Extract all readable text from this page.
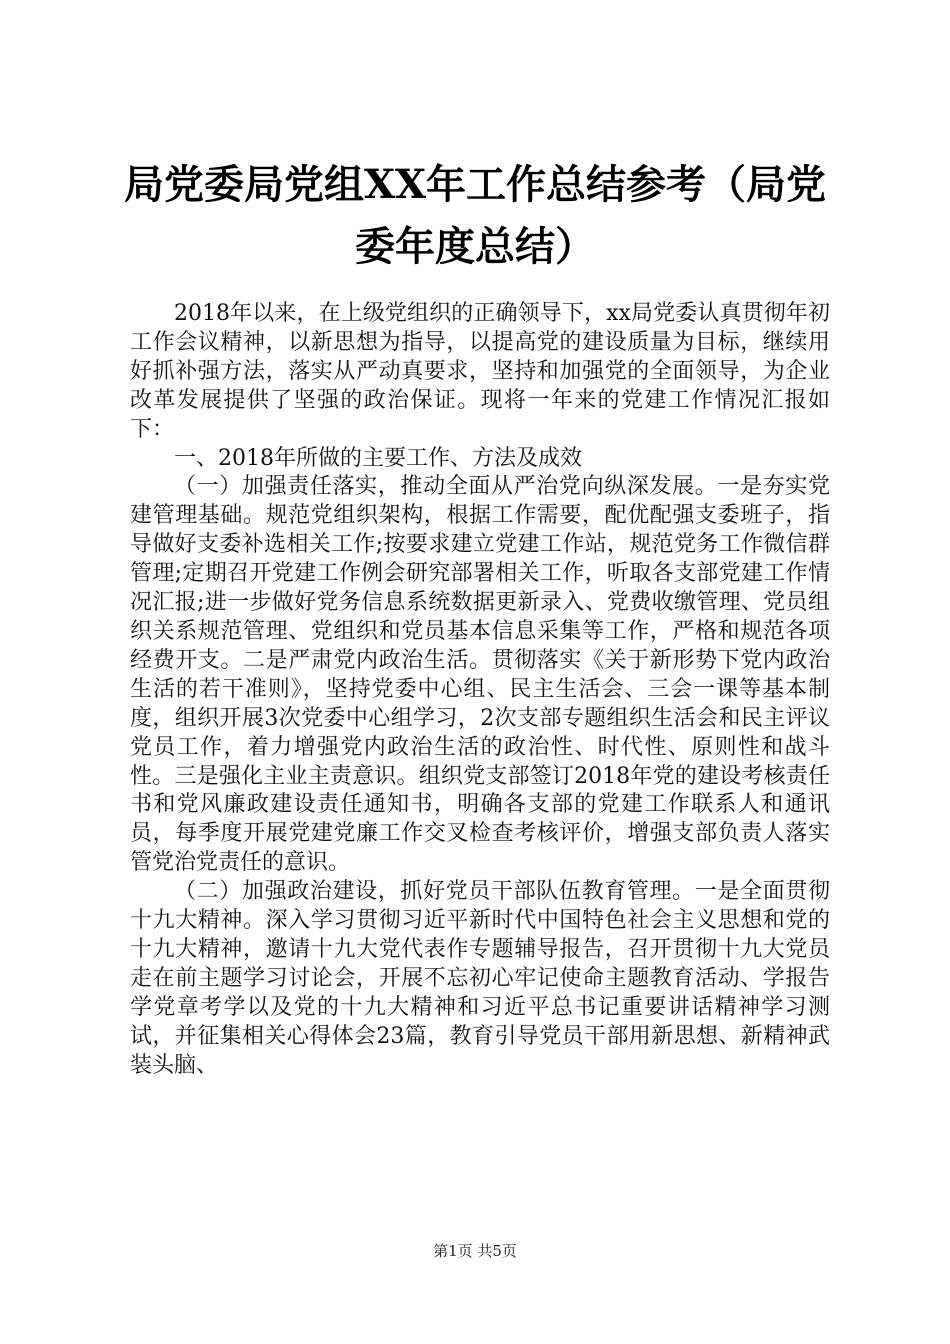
局党委局党组XX年工作总结参考（局党委年度总结）

2018年以来，在上级党组织的正确领导下，xx局党委认真贯彻年初工作会议精神，以新思想为指导，以提高党的建设质量为目标，继续用好抓补强方法，落实从严动真要求，坚持和加强党的全面领导，为企业改革发展提供了坚强的政治保证。现将一年来的党建工作情况汇报如下：

一、2018年所做的主要工作、方法及成效

（一）加强责任落实，推动全面从严治党向纵深发展。一是夯实党建管理基础。规范党组织架构，根据工作需要，配优配强支委班子，指导做好支委补选相关工作;按要求建立党建工作站，规范党务工作微信群管理;定期召开党建工作例会研究部署相关工作，听取各支部党建工作情况汇报;进一步做好党务信息系统数据更新录入、党费收缴管理、党员组织关系规范管理、党组织和党员基本信息采集等工作，严格和规范各项经费开支。二是严肃党内政治生活。贯彻落实《关于新形势下党内政治生活的若干准则》，坚持党委中心组、民主生活会、三会一课等基本制度，组织开展3次党委中心组学习，2次支部专题组织生活会和民主评议党员工作，着力增强党内政治生活的政治性、时代性、原则性和战斗性。三是强化主业主责意识。组织党支部签订2018年党的建设考核责任书和党风廉政建设责任通知书，明确各支部的党建工作联系人和通讯员，每季度开展党建党廉工作交叉检查考核评价，增强支部负责人落实管党治党责任的意识。

（二）加强政治建设，抓好党员干部队伍教育管理。一是全面贯彻十九大精神。深入学习贯彻习近平新时代中国特色社会主义思想和党的十九大精神，邀请十九大党代表作专题辅导报告，召开贯彻十九大党员走在前主题学习讨论会，开展不忘初心牢记使命主题教育活动、学报告学党章考学以及党的十九大精神和习近平总书记重要讲话精神学习测试，并征集相关心得体会23篇，教育引导党员干部用新思想、新精神武装头脑、

第1页 共5页
